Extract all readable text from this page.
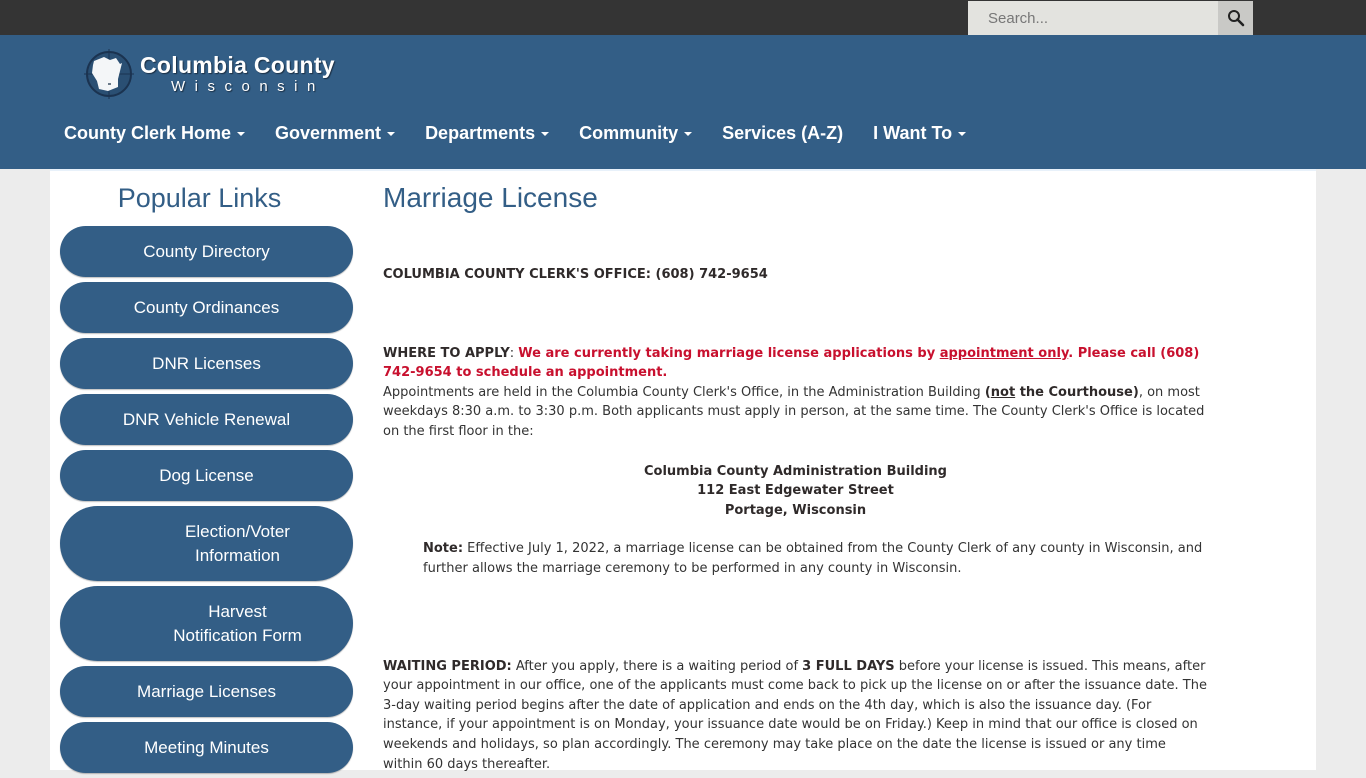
Search...
Columbia County
Wisconsin
County Clerk Home Government Departments Community Services (A-Z) I Want To
Popular Links
County Directory
County Ordinances
DNR Licenses
DNR Vehicle Renewal
Dog License
Election/Voter
Information
Harvest
Notification Form
Marriage Licenses
Meeting Minutes
Marriage License

COLUMBIA COUNTY CLERK'S OFFICE: (608) 742-9654

WHERE TO APPLY: We are currently taking marriage license applications by appointment only. Please call (608) 742-9654 to schedule an appointment.
Appointments are held in the Columbia County Clerk's Office, in the Administration Building (not the Courthouse), on most weekdays 8:30 a.m. to 3:30 p.m. Both applicants must apply in person, at the same time. The County Clerk's Office is located on the first floor in the:

Columbia County Administration Building
112 East Edgewater Street
Portage, Wisconsin

Note: Effective July 1, 2022, a marriage license can be obtained from the County Clerk of any county in Wisconsin, and further allows the marriage ceremony to be performed in any county in Wisconsin.

WAITING PERIOD: After you apply, there is a waiting period of 3 FULL DAYS before your license is issued. This means, after your appointment in our office, one of the applicants must come back to pick up the license on or after the issuance date. The 3-day waiting period begins after the date of application and ends on the 4th day, which is also the issuance day. (For instance, if your appointment is on Monday, your issuance date would be on Friday.) Keep in mind that our office is closed on weekends and holidays, so plan accordingly. The ceremony may take place on the date the license is issued or any time within 60 days thereafter.
